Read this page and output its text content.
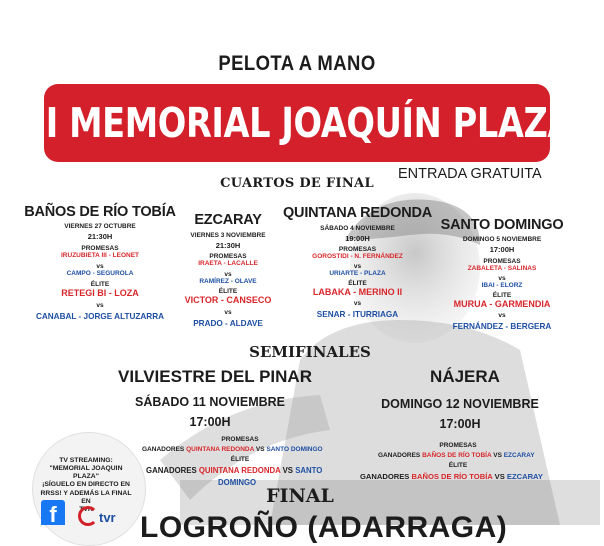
PELOTA A MANO
III MEMORIAL JOAQUÍN PLAZA
ENTRADA GRATUITA
CUARTOS DE FINAL
BAÑOS DE RÍO TOBÍA
VIERNES 27 OCTUBRE
21:30H
PROMESAS
IRUZUBIETA III - LEONET
vs
CAMPO - SEGUROLA
ÉLITE
RETEGI BI - LOZA
vs
CANABAL - JORGE ALTUZARRA
EZCARAY
VIERNES 3 NOVIEMBRE
21:30H
PROMESAS
IRAETA - LACALLE
vs
RAMÍREZ - OLAVE
ÉLITE
VICTOR - CANSECO
vs
PRADO - ALDAVE
QUINTANA REDONDA
SÁBADO 4 NOVIEMBRE
19:00H
PROMESAS
GOROSTIDI - N. FERNÁNDEZ
vs
URIARTE - PLAZA
ÉLITE
LABAKA - MERINO II
vs
SENAR - ITURRIAGA
SANTO DOMINGO
DOMINGO 5 NOVIEMBRE
17:00H
PROMESAS
ZABALETA - SALINAS
vs
IBAI - ELORZ
ÉLITE
MURUA - GARMENDIA
vs
FERNÁNDEZ - BERGERA
SEMIFINALES
VILVIESTRE DEL PINAR
SÁBADO 11 NOVIEMBRE
17:00H
PROMESAS
GANADORES QUINTANA REDONDA VS SANTO DOMINGO
ÉLITE
GANADORES QUINTANA REDONDA VS SANTO
DOMINGO
NÁJERA
DOMINGO 12 NOVIEMBRE
17:00H
PROMESAS
GANADORES BAÑOS DE RÍO TOBÍA VS EZCARAY
ÉLITE
GANADORES BAÑOS DE RÍO TOBÍA VS EZCARAY
FINAL
LOGROÑO (ADARRAGA)
TV STREAMING:
"MEMORIAL JOAQUIN PLAZA"
¡SÍGUELO EN DIRECTO EN
RRSS! Y ADEMÁS LA FINAL EN
TVR
f	tvr
